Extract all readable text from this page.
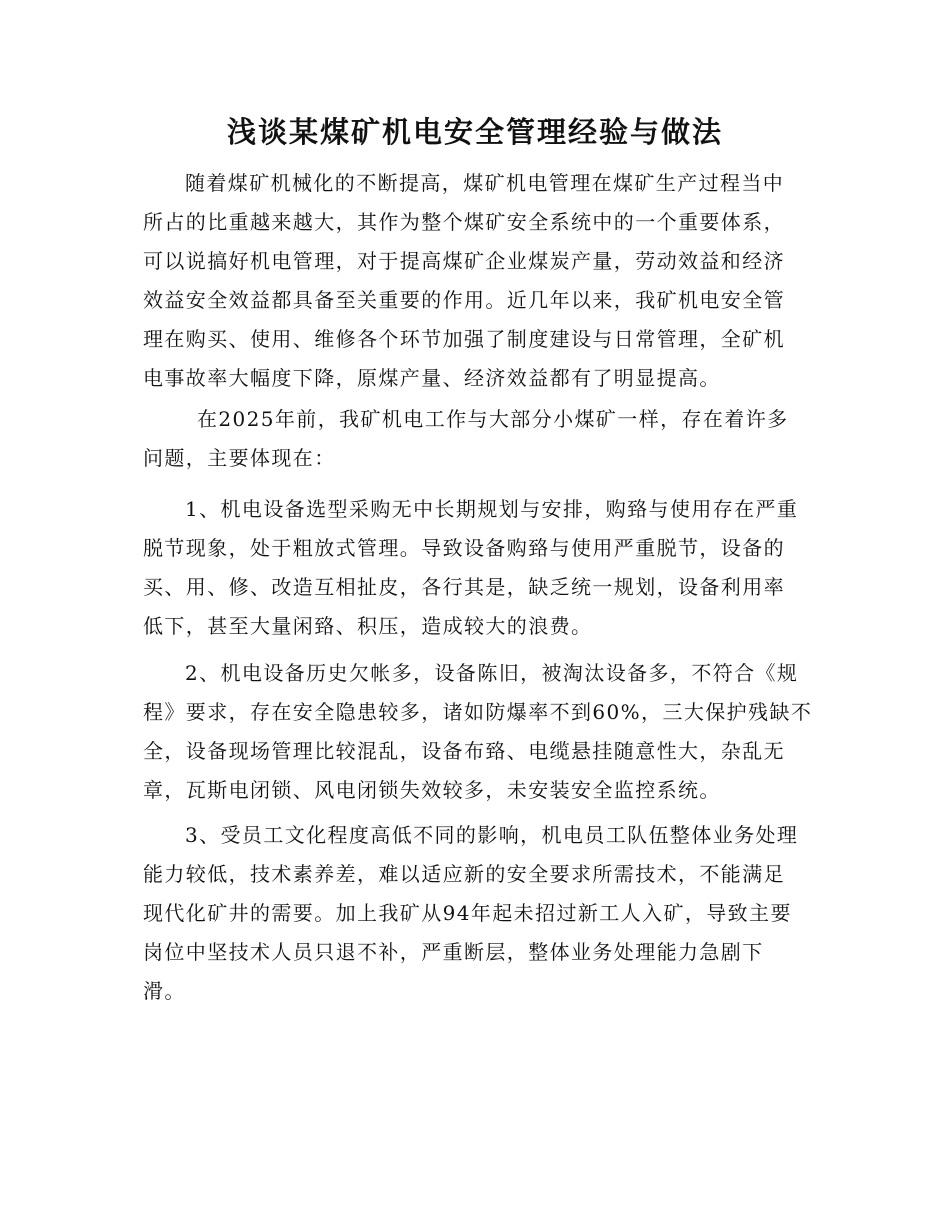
浅谈某煤矿机电安全管理经验与做法
随着煤矿机械化的不断提高，煤矿机电管理在煤矿生产过程当中
所占的比重越来越大，其作为整个煤矿安全系统中的一个重要体系，
可以说搞好机电管理，对于提高煤矿企业煤炭产量，劳动效益和经济
效益安全效益都具备至关重要的作用。近几年以来，我矿机电安全管
理在购买、使用、维修各个环节加强了制度建设与日常管理，全矿机
电事故率大幅度下降，原煤产量、经济效益都有了明显提高。
在2025年前，我矿机电工作与大部分小煤矿一样，存在着许多
问题，主要体现在：
1、机电设备选型采购无中长期规划与安排，购臵与使用存在严重
脱节现象，处于粗放式管理。导致设备购臵与使用严重脱节，设备的
买、用、修、改造互相扯皮，各行其是，缺乏统一规划，设备利用率
低下，甚至大量闲臵、积压，造成较大的浪费。
2、机电设备历史欠帐多，设备陈旧，被淘汰设备多，不符合《规
程》要求，存在安全隐患较多，诸如防爆率不到60%，三大保护残缺不
全，设备现场管理比较混乱，设备布臵、电缆悬挂随意性大，杂乱无
章，瓦斯电闭锁、风电闭锁失效较多，未安装安全监控系统。
3、受员工文化程度高低不同的影响，机电员工队伍整体业务处理
能力较低，技术素养差，难以适应新的安全要求所需技术，不能满足
现代化矿井的需要。加上我矿从94年起未招过新工人入矿，导致主要
岗位中坚技术人员只退不补，严重断层，整体业务处理能力急剧下
滑。
